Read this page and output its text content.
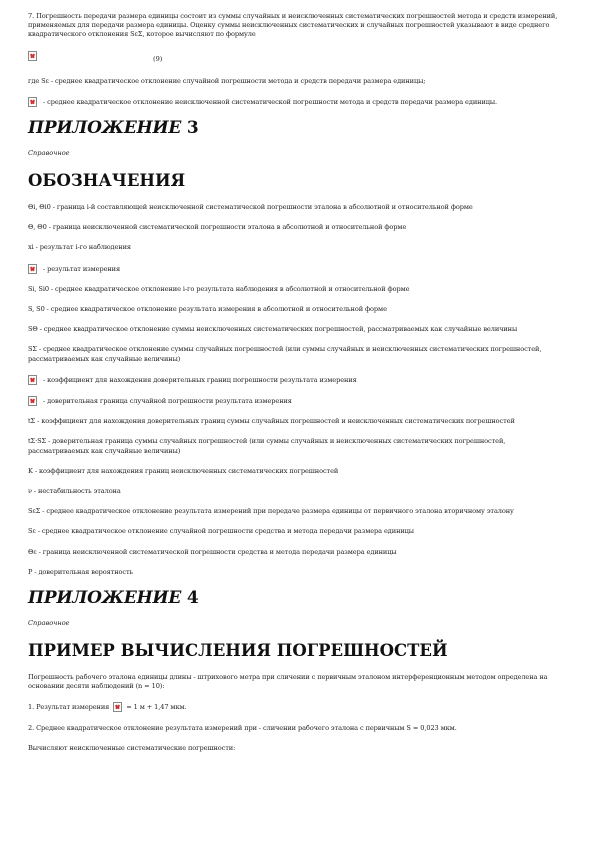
7. Погрешность передачи размера единицы состоит из суммы случайных и неисключенных систематических погрешностей метода и средств измерений, применяемых для передачи размера единицы. Оценку суммы неисключенных систематических и случайных погрешностей указывают в виде среднего квадратического отклонения SεΣ, которое вычисляют по формуле

(9)

где Sε - среднее квадратическое отклонение случайной погрешности метода и средств передачи размера единицы;

- среднее квадратическое отклонение неисключенной систематической погрешности метода и средств передачи размера единицы.

ПРИЛОЖЕНИЕ 3

Справочное

ОБОЗНАЧЕНИЯ

Θi, Θi0 - граница i-й составляющей неисключенной систематической погрешности эталона в абсолютной и относительной форме

Θ, Θ0 - граница неисключенной систематической погрешности эталона в абсолютной и относительной форме

xi - результат i-го наблюдения

- результат измерения

Si, Si0 - среднее квадратическое отклонение i-го результата наблюдения в абсолютной и относительной форме

S, S0 - среднее квадратическое отклонение результата измерения в абсолютной и относительной форме

SΘ - среднее квадратическое отклонение суммы неисключенных систематических погрешностей, рассматриваемых как случайные величины

SΣ - среднее квадратическое отклонение суммы случайных погрешностей (или суммы случайных и неисключенных систематических погрешностей, рассматриваемых как случайные величины)

- коэффициент для нахождения доверительных границ погрешности результата измерения

- доверительная граница случайной погрешности результата измерения

tΣ - коэффициент для нахождения доверительных границ суммы случайных погрешностей и неисключенных систематических погрешностей

tΣ·SΣ - доверительная граница суммы случайных погрешностей (или суммы случайных и неисключенных систематических погрешностей, рассматриваемых как случайные величины)

K - коэффициент для нахождения границ неисключенных систематических погрешностей

ν - нестабильность эталона

SεΣ - среднее квадратическое отклонение результата измерений при передаче размера единицы от первичного эталона вторичному эталону

Sε - среднее квадратическое отклонение случайной погрешности средства и метода передачи размера единицы

Θε - граница неисключенной систематической погрешности средства и метода передачи размера единицы

P - доверительная вероятность

ПРИЛОЖЕНИЕ 4

Справочное

ПРИМЕР ВЫЧИСЛЕНИЯ ПОГРЕШНОСТЕЙ

Погрешность рабочего эталона единицы длины - штрихового метра при сличении с первичным эталоном интерференционным методом определена на основании десяти наблюдений (n = 10):

1. Результат измерения  = 1 м + 1,47 мкм.

2. Среднее квадратическое отклонение результата измерений при - сличении рабочего эталона с первичным S = 0,023 мкм.

Вычисляют неисключенные систематические погрешности:
